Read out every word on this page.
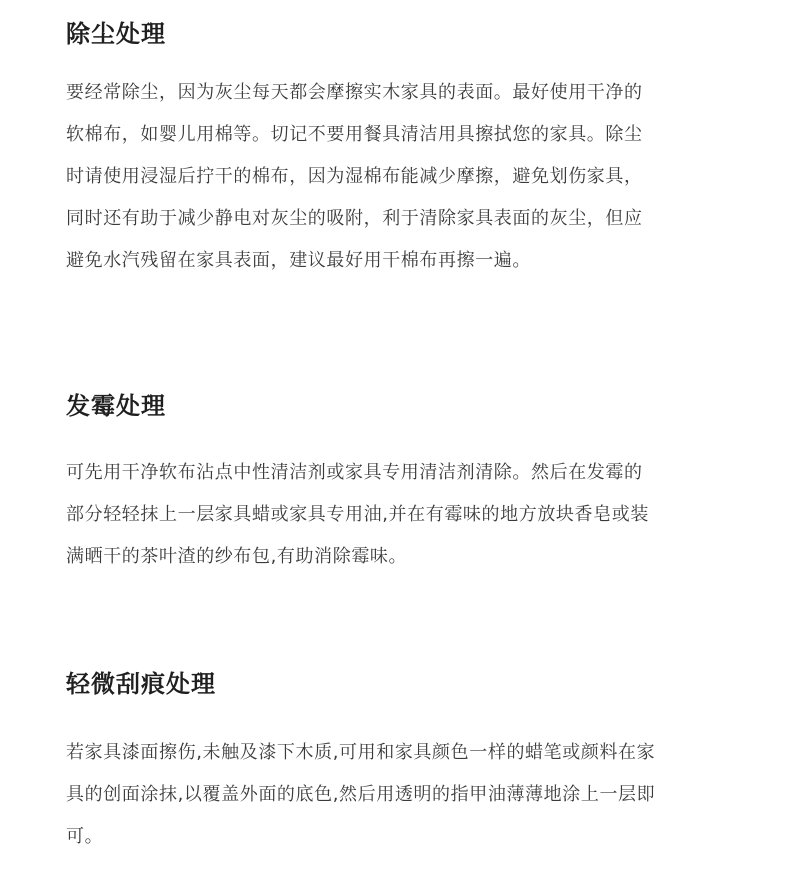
除尘处理

要经常除尘，因为灰尘每天都会摩擦实木家具的表面。最好使用干净的
软棉布，如婴儿用棉等。切记不要用餐具清洁用具擦拭您的家具。除尘
时请使用浸湿后拧干的棉布，因为湿棉布能减少摩擦，避免划伤家具，
同时还有助于减少静电对灰尘的吸附，利于清除家具表面的灰尘，但应
避免水汽残留在家具表面，建议最好用干棉布再擦一遍。

发霉处理

可先用干净软布沾点中性清洁剂或家具专用清洁剂清除。然后在发霉的
部分轻轻抹上一层家具蜡或家具专用油,并在有霉味的地方放块香皂或装
满晒干的茶叶渣的纱布包,有助消除霉味。

轻微刮痕处理

若家具漆面擦伤,未触及漆下木质,可用和家具颜色一样的蜡笔或颜料在家
具的创面涂抹,以覆盖外面的底色,然后用透明的指甲油薄薄地涂上一层即
可。
